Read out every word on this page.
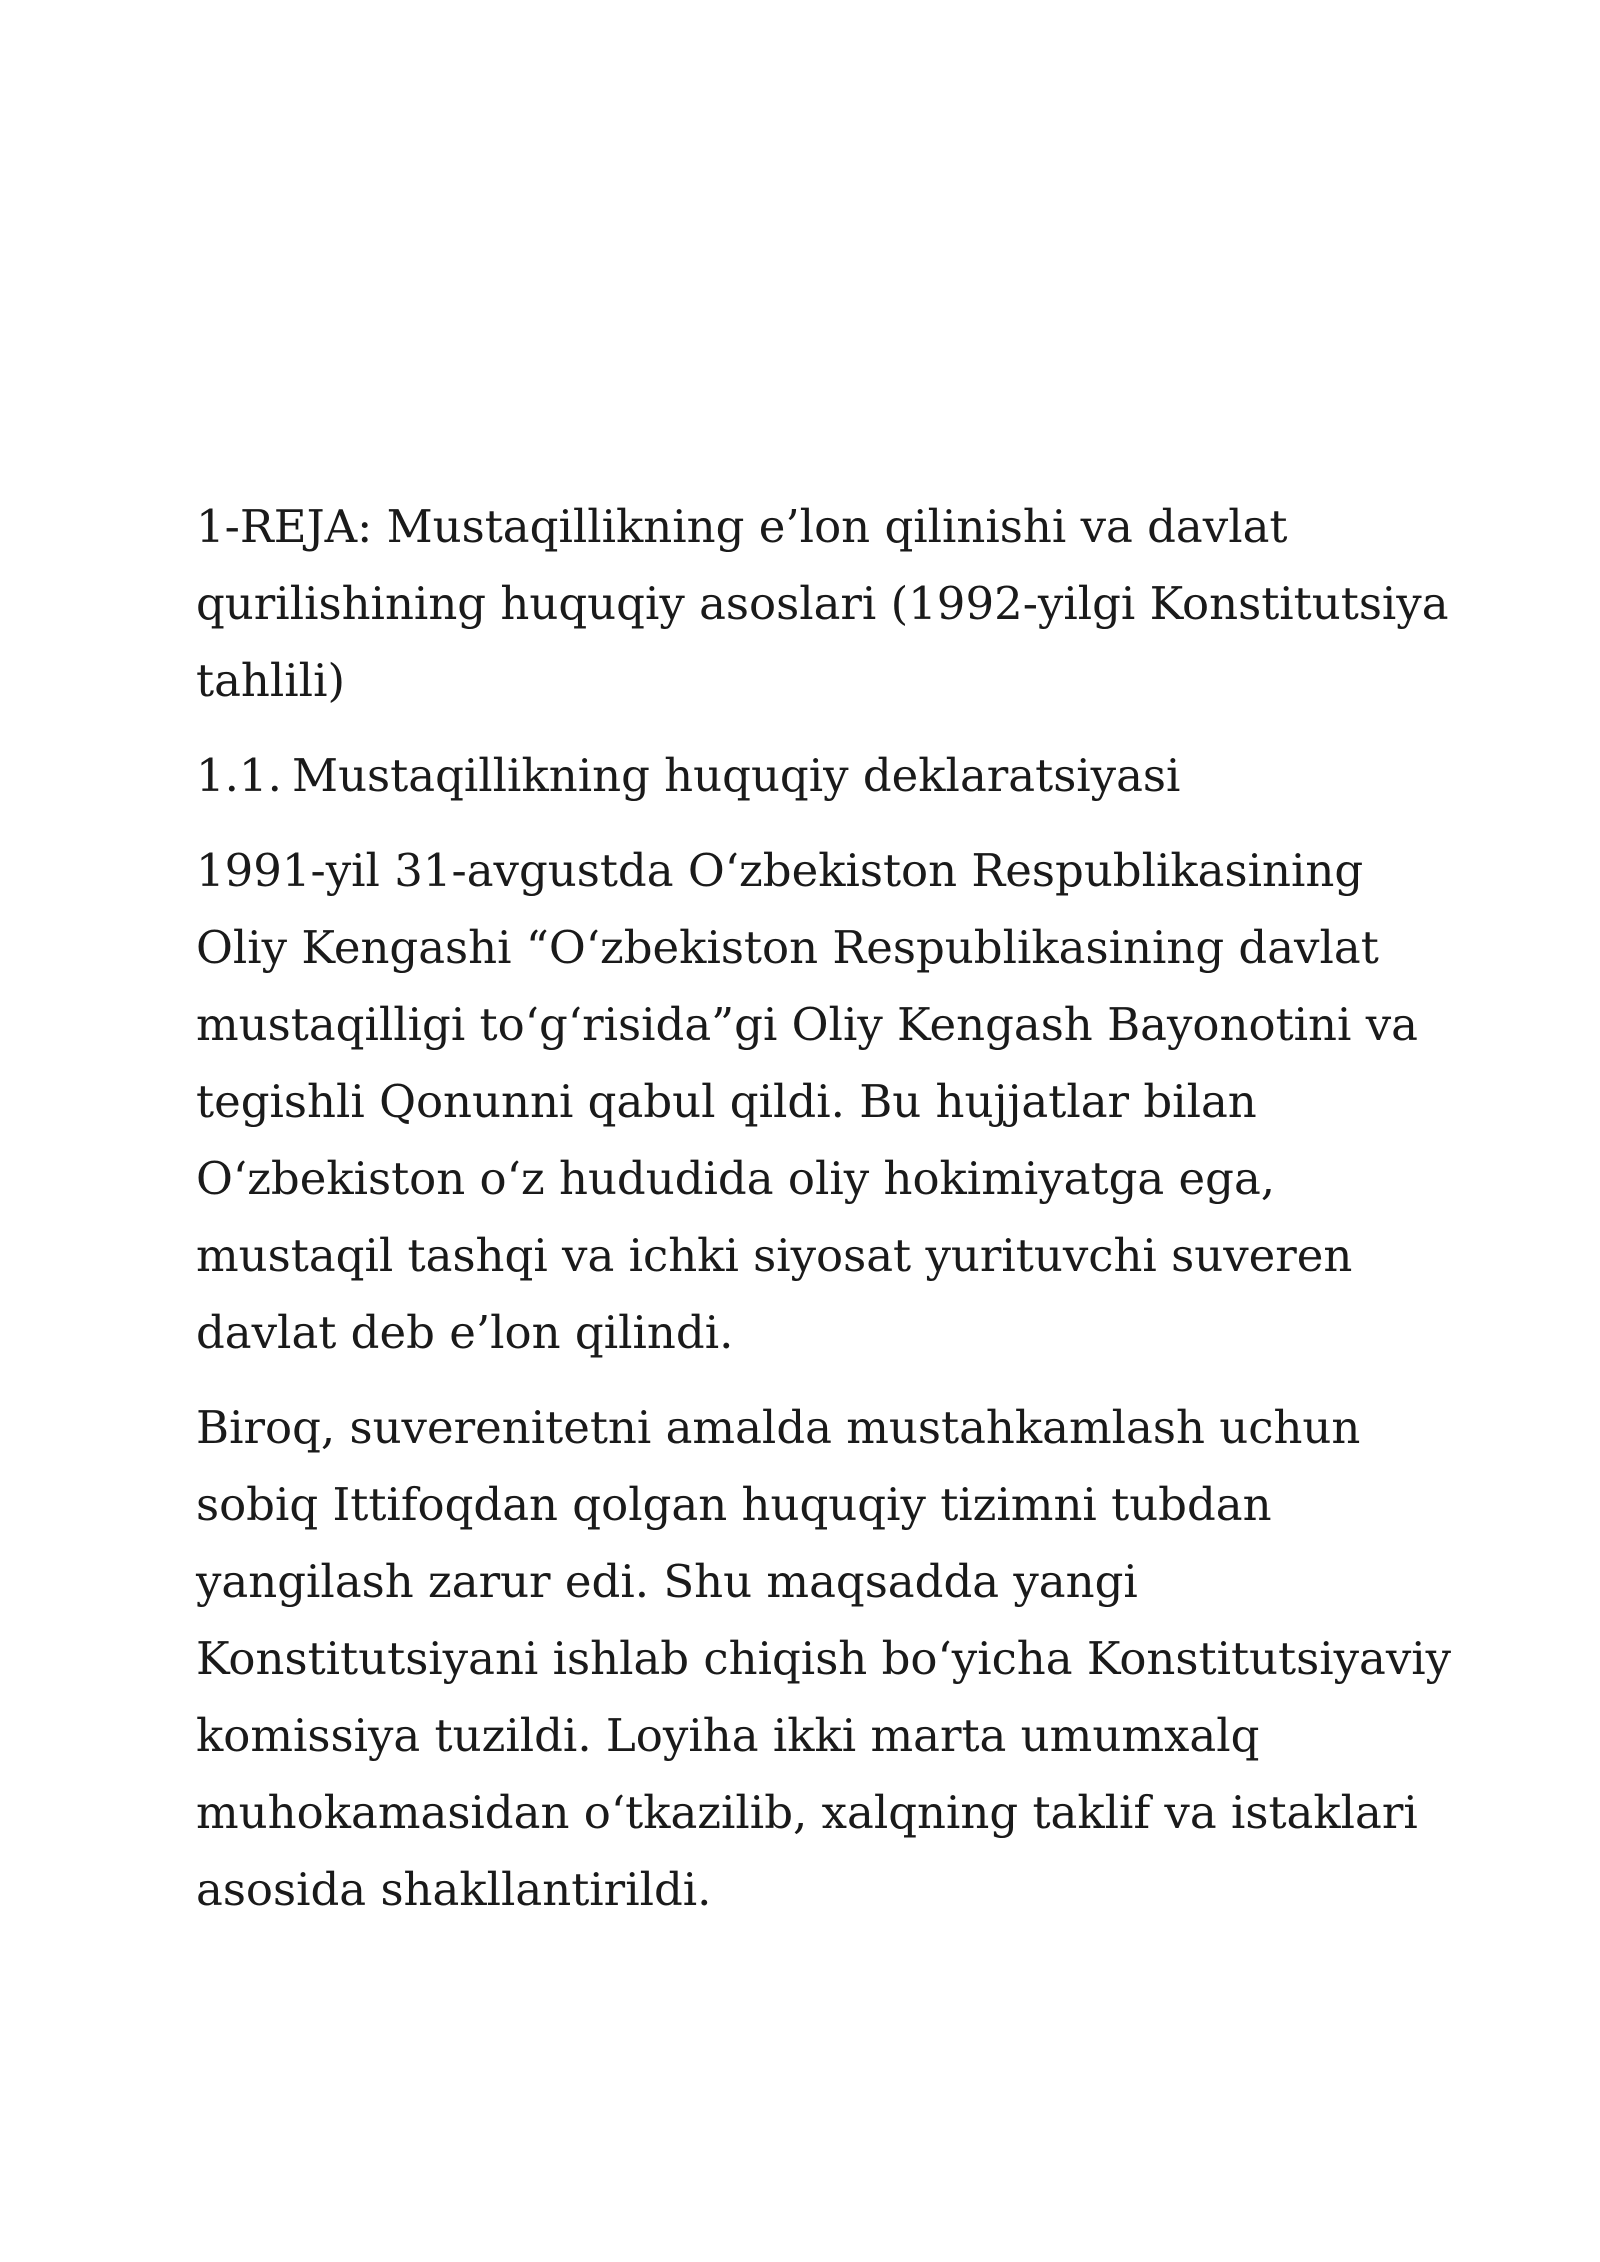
1-REJA: Mustaqillikning e’lon qilinishi va davlat qurilishining huquqiy asoslari (1992-yilgi Konstitutsiya tahlili)

1.1. Mustaqillikning huquqiy deklaratsiyasi

1991-yil 31-avgustda O‘zbekiston Respublikasining Oliy Kengashi “O‘zbekiston Respublikasining davlat mustaqilligi to‘g‘risida”gi Oliy Kengash Bayonotini va tegishli Qonunni qabul qildi. Bu hujjatlar bilan O‘zbekiston o‘z hududida oliy hokimiyatga ega, mustaqil tashqi va ichki siyosat yurituvchi suveren davlat deb e’lon qilindi.

Biroq, suverenitetni amalda mustahkamlash uchun sobiq Ittifoqdan qolgan huquqiy tizimni tubdan yangilash zarur edi. Shu maqsadda yangi Konstitutsiyani ishlab chiqish bo‘yicha Konstitutsiyaviy komissiya tuzildi. Loyiha ikki marta umumxalq muhokamasidan o‘tkazilib, xalqning taklif va istaklari asosida shakllantirildi.
